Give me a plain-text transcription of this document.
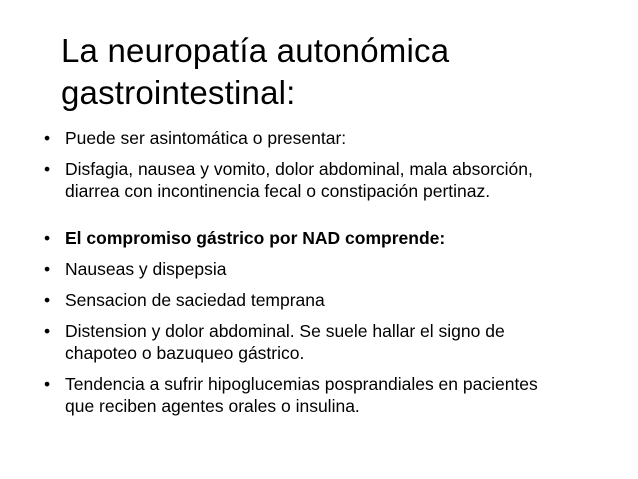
La neuropatía autonómica
gastrointestinal:
• Puede ser asintomática o presentar:
• Disfagia, nausea y vomito, dolor abdominal, mala absorción,
diarrea con incontinencia fecal o constipación pertinaz.
• El compromiso gástrico por NAD comprende:
• Nauseas y dispepsia
• Sensacion de saciedad temprana
• Distension y dolor abdominal. Se suele hallar el signo de
chapoteo o bazuqueo gástrico.
• Tendencia a sufrir hipoglucemias posprandiales en pacientes
que reciben agentes orales o insulina.
